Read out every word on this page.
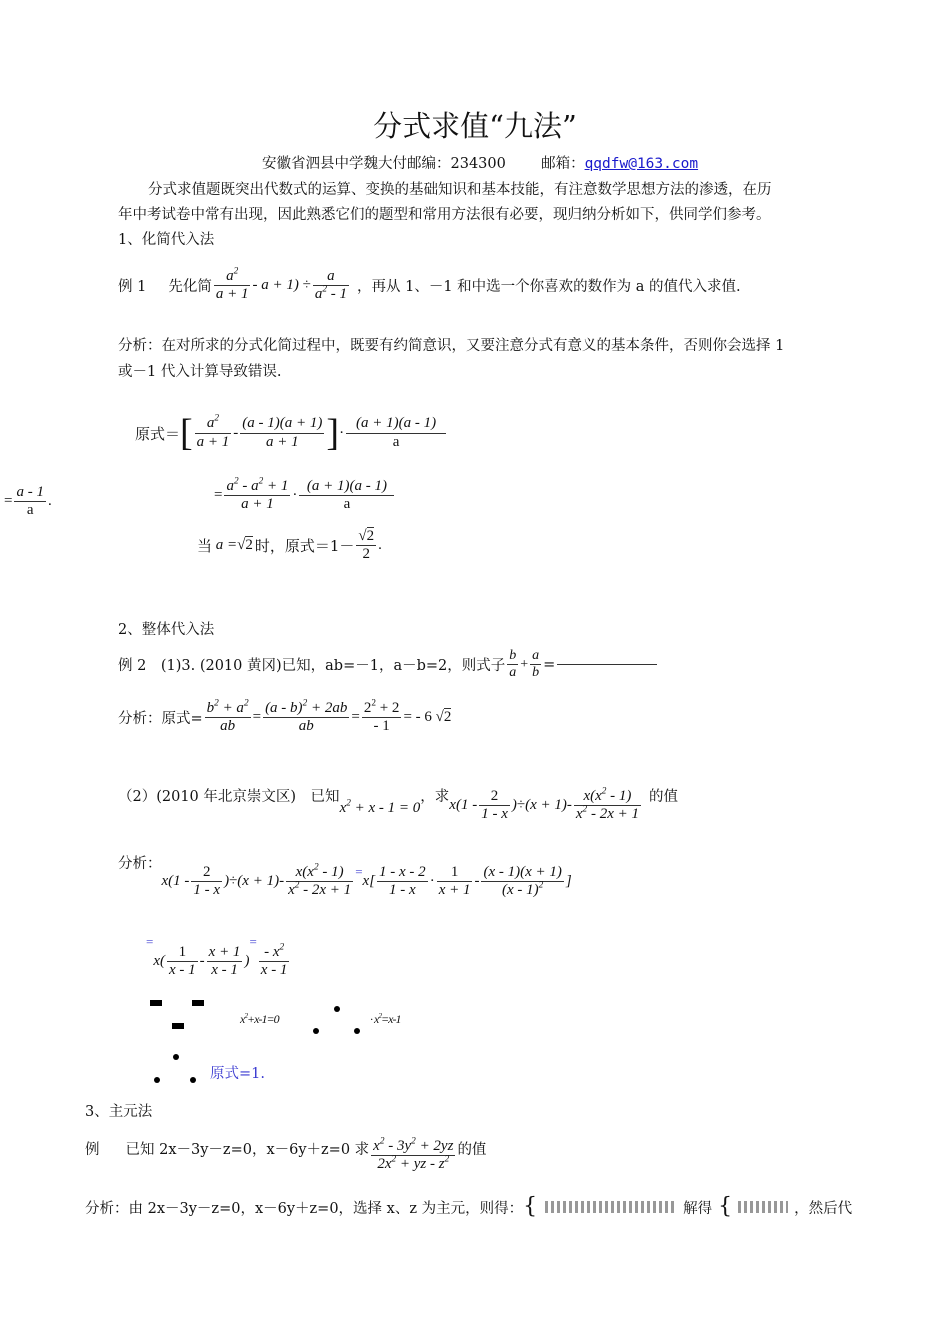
分式求值“九法”
安徽省泗县中学魏大付邮编：234300 邮箱：qqdfw@163.com
分式求值题既突出代数式的运算、变换的基础知识和基本技能，有注意数学思想方法的渗透，在历
年中考试卷中常有出现，因此熟悉它们的题型和常用方法很有必要，现归纳分析如下，供同学们参考。
1、化简代入法
例 1 先化简 $\frac{a^2}{a + 1} - a + 1) \div \frac{a}{a^2 - 1}$ ，再从 1、－1 和中选一个你喜欢的数作为 a 的值代入求值.
分析：在对所求的分式化简过程中，既要有约简意识，又要注意分式有意义的基本条件，否则你会选择 1
或－1 代入计算导致错误.
原式＝ [ $\frac{a^2}{a + 1} - \frac{(a - 1)(a + 1)}{a + 1}$ ] · $\frac{(a + 1)(a - 1)}{a}$
= $\frac{a^2 - a^2 + 1}{a + 1} \cdot \frac{(a + 1)(a - 1)}{a}$
= $\frac{a - 1}{a}$ .
当 a = √2 时，原式$=1- \frac{√2}{2}$ .
2、整体代入法
例 2　(1)3. (2010 黄冈)已知，ab=－1，a－b=2，则式子 $\frac{b}{a} + \frac{a}{b}$ =
分析：原式= $\frac{b^2 + a^2}{ab} = \frac{(a - b)^2 + 2ab}{ab} = \frac{2^2 + 2}{- 1}$ = - 6 √2
（2）(2010 年北京崇文区)　已知
$x^2 + x - 1 = 0$
，求 $x(1 - \frac{2}{1 - x}$ ) ÷ $(x + 1) - \frac{x(x^2 - 1)}{x^2 - 2x + 1}$ 的值
分析：
$x(1 - \frac{2}{1 - x}$ ) ÷ $(x + 1) - \frac{x(x^2 - 1)}{x^2 - 2x + 1}$ =
$x[ \frac{1 - x - 2}{1 - x} \cdot \frac{1}{x + 1} - \frac{(x - 1)(x + 1)}{(x - 1)^2}$ ]
=
$x( \frac{1}{x - 1} - \frac{x + 1}{x - 1}$ )
=
$\frac{- x^2}{x - 1}$
$x^2+x-1=0$	· $x^2=x-1$
原式=1.
3、主元法
例 已知 2x－3y－z=0，x－6y＋z=0 求 $\frac{x^2 - 3y^2 + 2yz}{2x^2 + yz - z^2}$ 的值
分析：由 2x－3y－z=0，x－6y＋z=0，选择 x、z 为主元，则得： {	解得 {	，然后代
